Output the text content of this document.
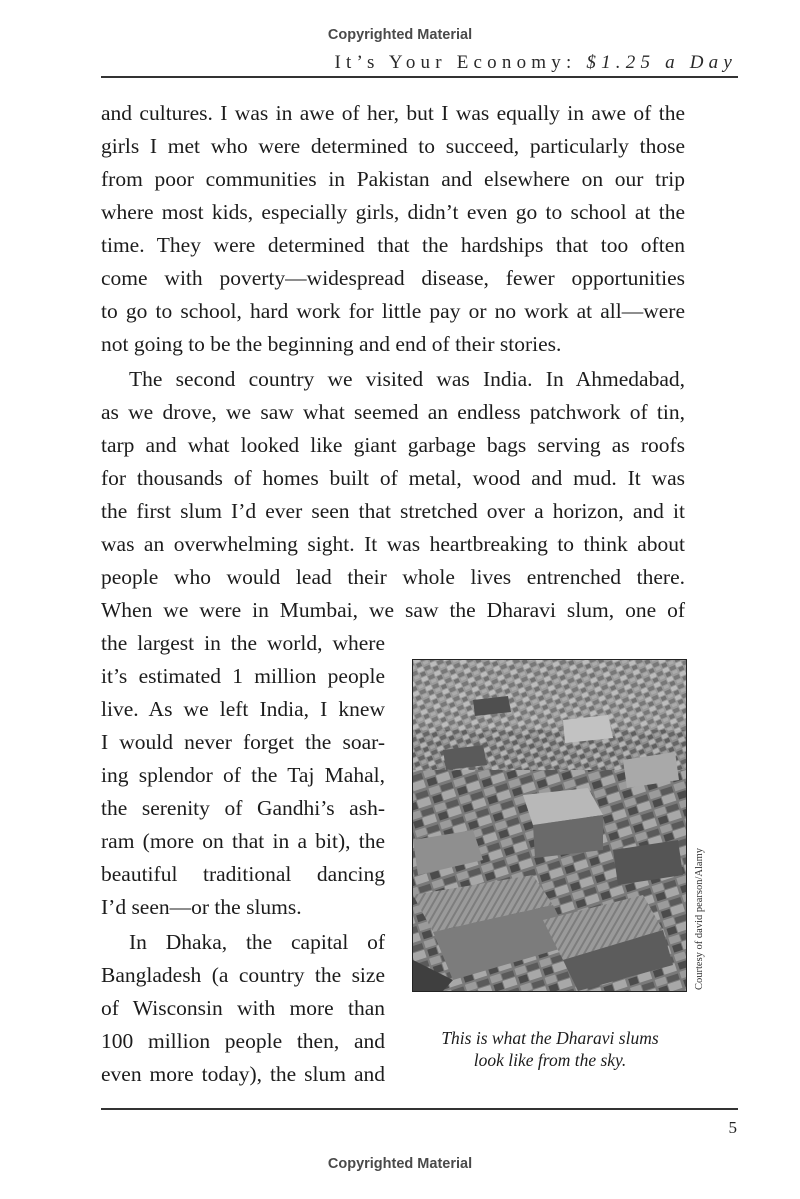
Copyrighted Material
It’s Your Economy: $1.25 a Day
and cultures. I was in awe of her, but I was equally in awe of the
girls I met who were determined to succeed, particularly those
from poor communities in Pakistan and elsewhere on our trip
where most kids, especially girls, didn’t even go to school at the
time. They were determined that the hardships that too often
come with poverty—widespread disease, fewer opportunities
to go to school, hard work for little pay or no work at all—were
not going to be the beginning and end of their stories.
The second country we visited was India. In Ahmedabad,
as we drove, we saw what seemed an endless patchwork of tin,
tarp and what looked like giant garbage bags serving as roofs
for thousands of homes built of metal, wood and mud. It was
the first slum I’d ever seen that stretched over a horizon, and it
was an overwhelming sight. It was heartbreaking to think about
people who would lead their whole lives entrenched there.
When we were in Mumbai, we saw the Dharavi slum, one of
the largest in the world, where
it’s estimated 1 million people
live. As we left India, I knew
I would never forget the soar-
ing splendor of the Taj Mahal,
the serenity of Gandhi’s ash-
ram (more on that in a bit), the
beautiful traditional dancing
I’d seen—or the slums.
In Dhaka, the capital of
Bangladesh (a country the size
of Wisconsin with more than
100 million people then, and
even more today), the slum and
Courtesy of david pearson/Alamy
This is what the Dharavi slums
look like from the sky.
5
Copyrighted Material
